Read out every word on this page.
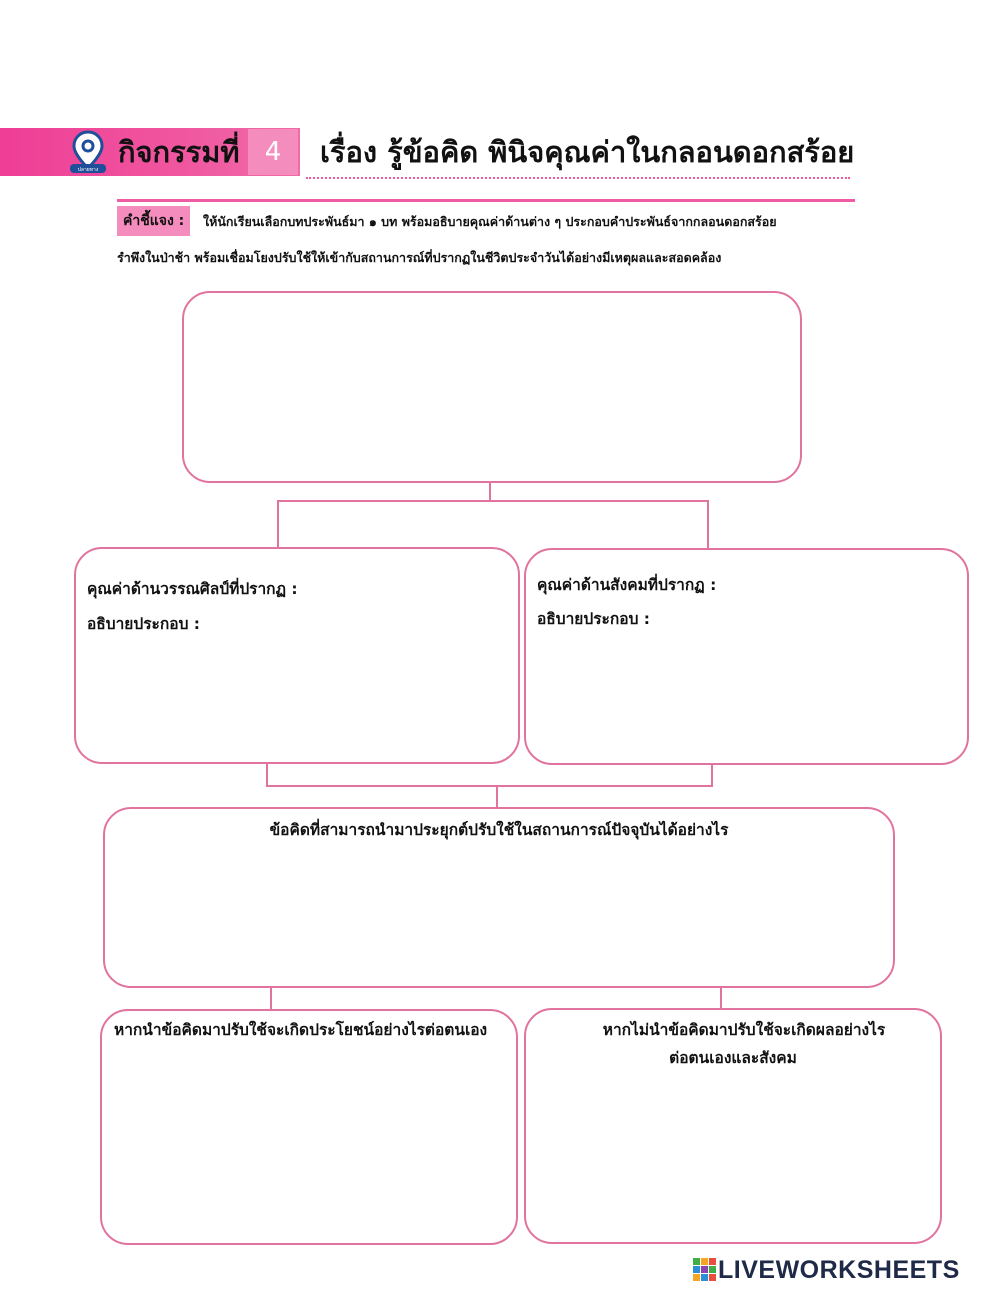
ปลายทาง
กิจกรรมที่ 4	เรื่อง รู้ข้อคิด พินิจคุณค่าในกลอนดอกสร้อย
คำชี้แจง :	ให้นักเรียนเลือกบทประพันธ์มา ๑ บท พร้อมอธิบายคุณค่าด้านต่าง ๆ ประกอบคำประพันธ์จากกลอนดอกสร้อย
รำพึงในป่าช้า พร้อมเชื่อมโยงปรับใช้ให้เข้ากับสถานการณ์ที่ปรากฏในชีวิตประจำวันได้อย่างมีเหตุผลและสอดคล้อง
คุณค่าด้านวรรณศิลป์ที่ปรากฏ :
อธิบายประกอบ :
คุณค่าด้านสังคมที่ปรากฏ :
อธิบายประกอบ :
ข้อคิดที่สามารถนำมาประยุกต์ปรับใช้ในสถานการณ์ปัจจุบันได้อย่างไร
หากนำข้อคิดมาปรับใช้จะเกิดประโยชน์อย่างไรต่อตนเอง	หากไม่นำข้อคิดมาปรับใช้จะเกิดผลอย่างไร
ต่อตนเองและสังคม
LIVEWORKSHEETS
